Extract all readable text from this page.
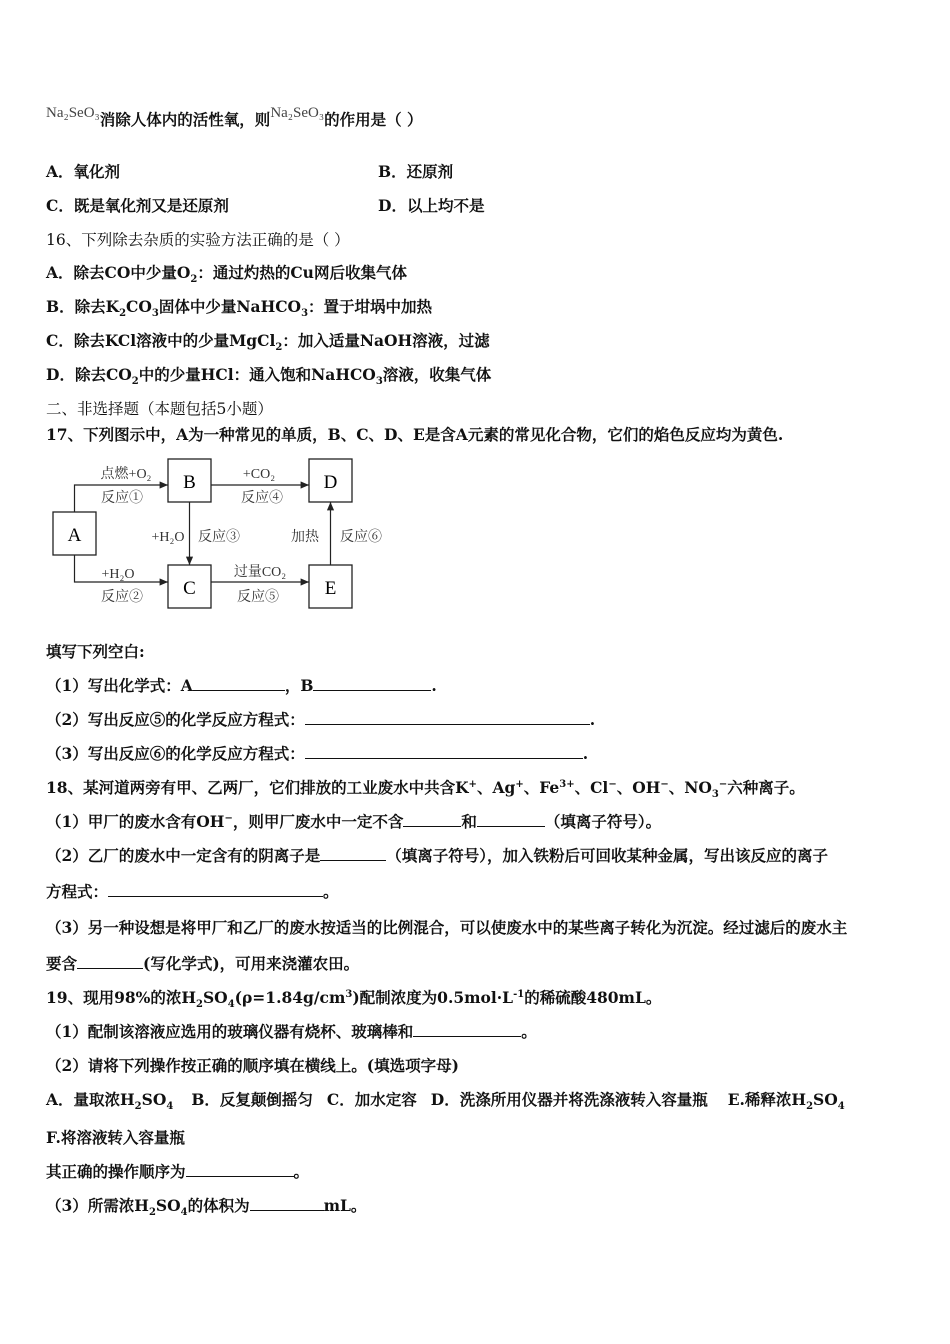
Na₂SeO₃消除人体内的活性氧，则Na₂SeO₃的作用是（ ）
A．氧化剂	B．还原剂
C．既是氧化剂又是还原剂	D．以上均不是
16、下列除去杂质的实验方法正确的是（ ）
A．除去CO中少量$O_2$：通过灼热的Cu网后收集气体
B．除去$K_2CO_3$固体中少量NaHCO$_3$：置于坩埚中加热
C．除去KCl溶液中的少量MgCl$_2$：加入适量NaOH溶液，过滤
D．除去$CO_2$中的少量HCl：通入饱和NaHCO$_3$溶液，收集气体
二、非选择题（本题包括5小题）
17、下列图示中，A为一种常见的单质，B、C、D、E是含A元素的常见化合物，它们的焰色反应均为黄色.
A
B
C
D
E
点燃+O₂
反应①
+H₂O
反应②
+H₂O 反应③
+CO₂
反应④
过量CO₂
反应⑤
加热 反应⑥
填写下列空白:
（1）写出化学式：A	，B	.
（2）写出反应⑤的化学反应方程式：	.
（3）写出反应⑥的化学反应方程式：	.
18、某河道两旁有甲、乙两厂，它们排放的工业废水中共含K+、Ag+、$Fe^{3+}$、Cl−、OH−、$NO_3^-$六种离子。
（1）甲厂的废水含有OH−，则甲厂废水中一定不含	和	（填离子符号）。
（2）乙厂的废水中一定含有的阴离子是	（填离子符号），加入铁粉后可回收某种金属，写出该反应的离子
方程式：	。
（3）另一种设想是将甲厂和乙厂的废水按适当的比例混合，可以使废水中的某些离子转化为沉淀。经过滤后的废水主
要含	(写化学式)，可用来浇灌农田。
19、现用98%的浓$H_2SO_4(\rho=1.84g/cm^3)$配制浓度为$0.5mol\cdot L^{-1}$的稀硫酸480mL。
（1）配制该溶液应选用的玻璃仪器有烧杯、玻璃棒和	。
（2）请将下列操作按正确的顺序填在横线上。(填选项字母)
A．量取浓$H_2SO_4$ B．反复颠倒摇匀 C．加水定容 D．洗涤所用仪器并将洗涤液转入容量瓶 E.稀释浓$H_2SO_4$
F.将溶液转入容量瓶
其正确的操作顺序为	。
（3）所需浓$H_2SO_4$的体积为	mL。
